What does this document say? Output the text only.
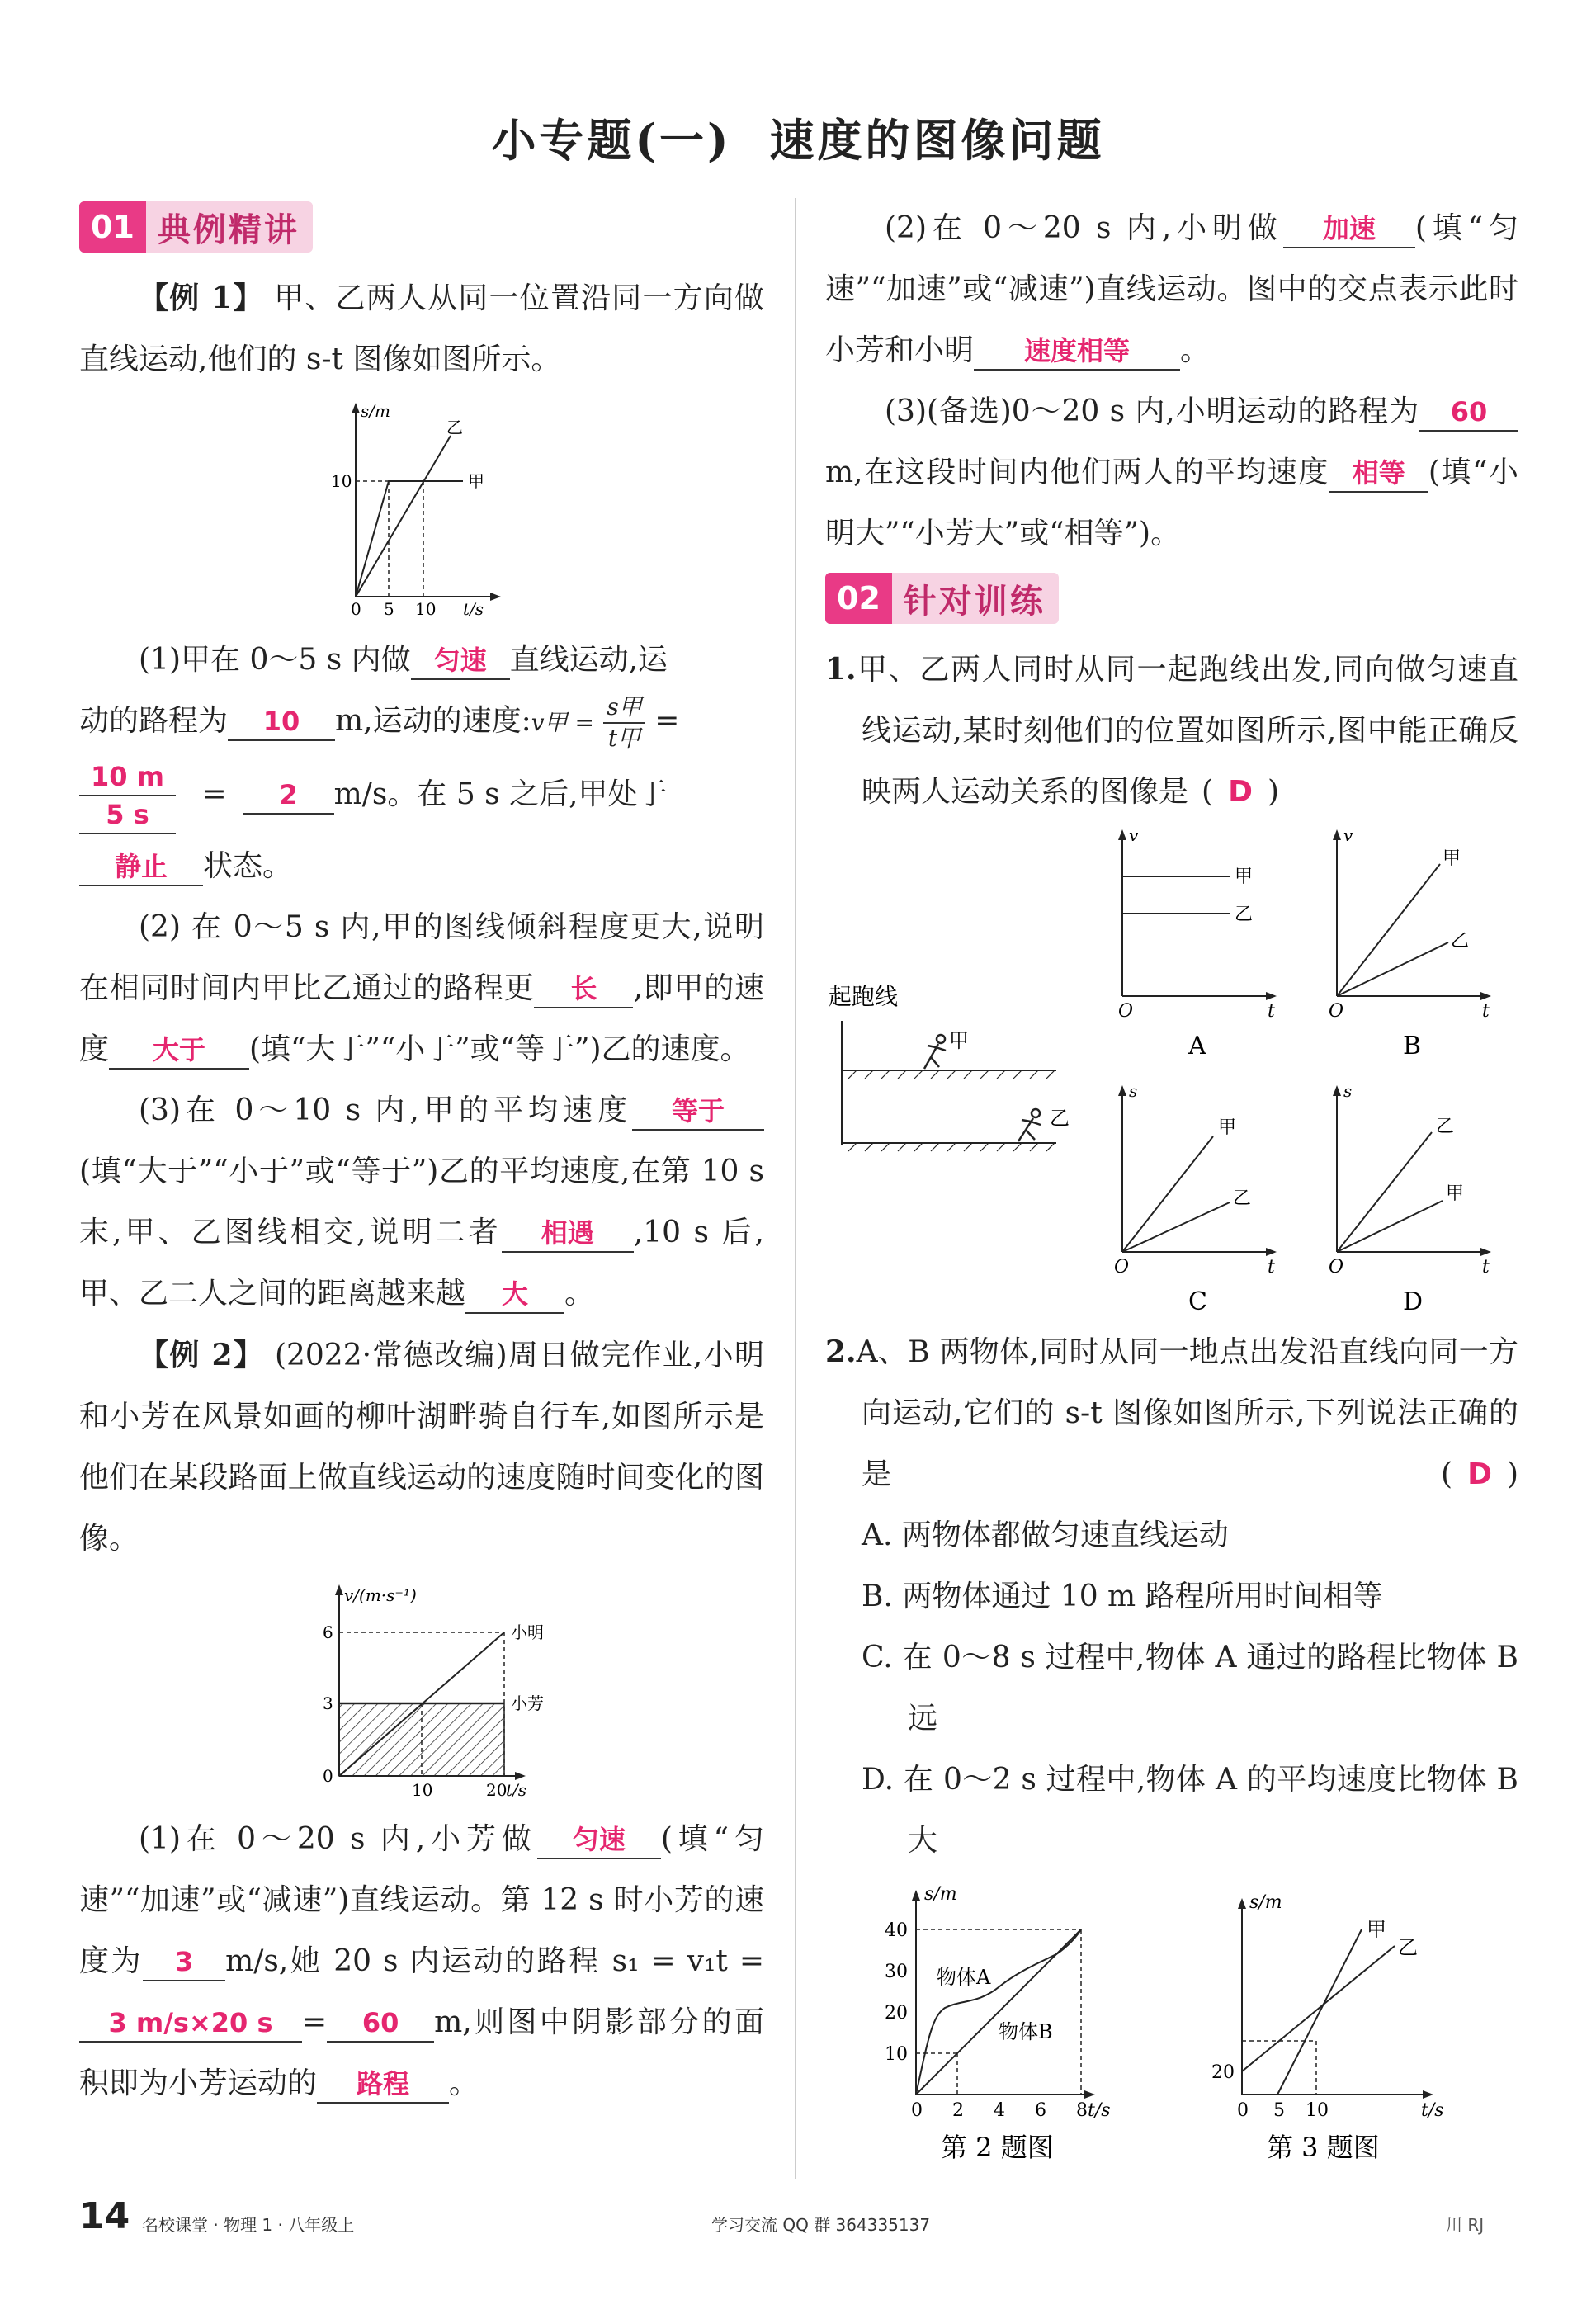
小专题(一) 速度的图像问题
01 典例精讲

【例 1】 甲、乙两人从同一位置沿同一方向做直线运动,他们的 s-t 图像如图所示。

s/m
t/s
10
0 5 10
甲
乙

(1)甲在 0～5 s 内做 匀速 直线运动,运

动的路程为 10 m,运动的速度:v甲 = $\frac{\text{s甲}}{\text{t甲}}$ =

$\frac{10 m}{5 s} = 2$ m/s。在 5 s 之后,甲处于

静止 状态。

(2) 在 0～5 s 内,甲的图线倾斜程度更大,说明在相同时间内甲比乙通过的路程更 长 ,即甲的速度 大于 (填“大于”“小于”或“等于”)乙的速度。

(3)在 0～10 s 内,甲的平均速度 等于(填“大于”“小于”或“等于”)乙的平均速度,在第 10 s 末,甲、乙图线相交,说明二者 相遇 ,10 s 后,甲、乙二人之间的距离越来越 大 。

【例 2】 (2022·常德改编)周日做完作业,小明和小芳在风景如画的柳叶湖畔骑自行车,如图所示是他们在某段路面上做直线运动的速度随时间变化的图像。

v/(m·s⁻¹)
t/s
6
3
0
10	20
小明
小芳

(1)在 0～20 s 内,小芳做 匀速 (填“匀速”“加速”或“减速”)直线运动。第 12 s 时小芳的速度为 3 m/s,她 20 s 内运动的路程 s₁ = v₁t =3 m/s×20 s = 60 m,则图中阴影部分的面积即为小芳运动的 路程 。

(2)在 0～20 s 内,小明做 加速 (填“匀速”“加速”或“减速”)直线运动。图中的交点表示此时小芳和小明 速度相等 。

(3)(备选)0～20 s 内,小明运动的路程为 60m,在这段时间内他们两人的平均速度 相等 (填“小明大”“小芳大”或“相等”)。

02 针对训练

1.甲、乙两人同时从同一起跑线出发,同向做匀速直线运动,某时刻他们的位置如图所示,图中能正确反映两人运动关系的图像是 ( D )

起跑线
甲
乙
v
O	t
甲
乙
A
v
O	t
甲
乙
B
s
O	t
甲
乙
C
s
O	t
乙
甲
D

2.A、B 两物体,同时从同一地点出发沿直线向同一方向运动,它们的 s-t 图像如图所示,下列说法正确的是	( D )

A. 两物体都做匀速直线运动

B. 两物体通过 10 m 路程所用时间相等

C. 在 0～8 s 过程中,物体 A 通过的路程比物体 B 远

D. 在 0～2 s 过程中,物体 A 的平均速度比物体 B 大

s/m
t/s
40
30
20
10
0 2 4 6 8
物体A
物体B
第 2 题图
s/m
t/s
20
0 5 10
甲
乙
第 3 题图
14 名校课堂 · 物理 1 · 八年级上	学习交流 QQ 群 364335137	川 RJ
